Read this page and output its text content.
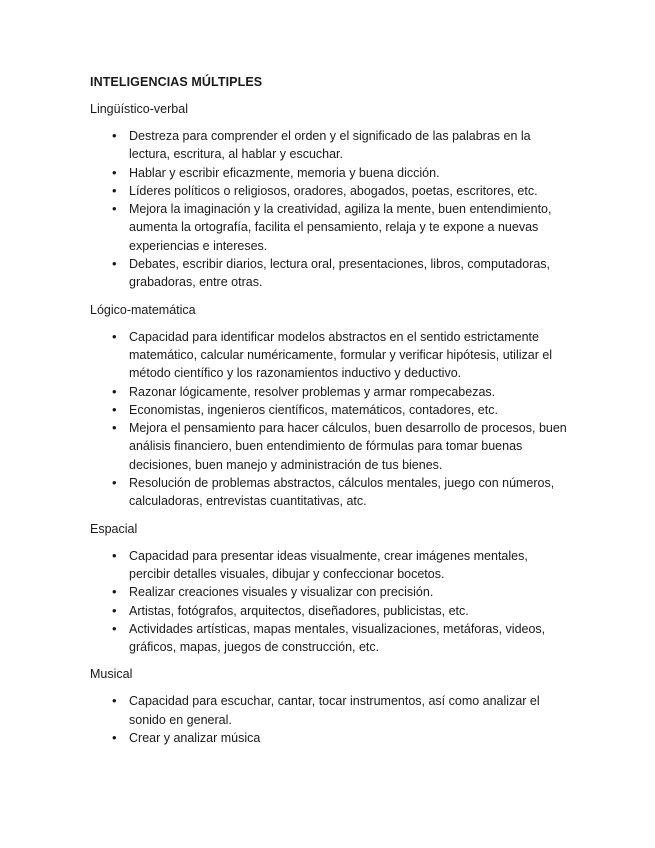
INTELIGENCIAS MÚLTIPLES
Lingüístico-verbal
• Destreza para comprender el orden y el significado de las palabras en la lectura, escritura, al hablar y escuchar.
• Hablar y escribir eficazmente, memoria y buena dicción.
• Líderes políticos o religiosos, oradores, abogados, poetas, escritores, etc.
• Mejora la imaginación y la creatividad, agiliza la mente, buen entendimiento, aumenta la ortografía, facilita el pensamiento, relaja y te expone a nuevas experiencias e intereses.
• Debates, escribir diarios, lectura oral, presentaciones, libros, computadoras, grabadoras, entre otras.
Lógico-matemática
• Capacidad para identificar modelos abstractos en el sentido estrictamente matemático, calcular numéricamente, formular y verificar hipótesis, utilizar el método científico y los razonamientos inductivo y deductivo.
• Razonar lógicamente, resolver problemas y armar rompecabezas.
• Economistas, ingenieros científicos, matemáticos, contadores, etc.
• Mejora el pensamiento para hacer cálculos, buen desarrollo de procesos, buen análisis financiero, buen entendimiento de fórmulas para tomar buenas decisiones, buen manejo y administración de tus bienes.
• Resolución de problemas abstractos, cálculos mentales, juego con números, calculadoras, entrevistas cuantitativas, atc.
Espacial
• Capacidad para presentar ideas visualmente, crear imágenes mentales, percibir detalles visuales, dibujar y confeccionar bocetos.
• Realizar creaciones visuales y visualizar con precisión.
• Artistas, fotógrafos, arquitectos, diseñadores, publicistas, etc.
• Actividades artísticas, mapas mentales, visualizaciones, metáforas, videos, gráficos, mapas, juegos de construcción, etc.
Musical
• Capacidad para escuchar, cantar, tocar instrumentos, así como analizar el sonido en general.
• Crear y analizar música
